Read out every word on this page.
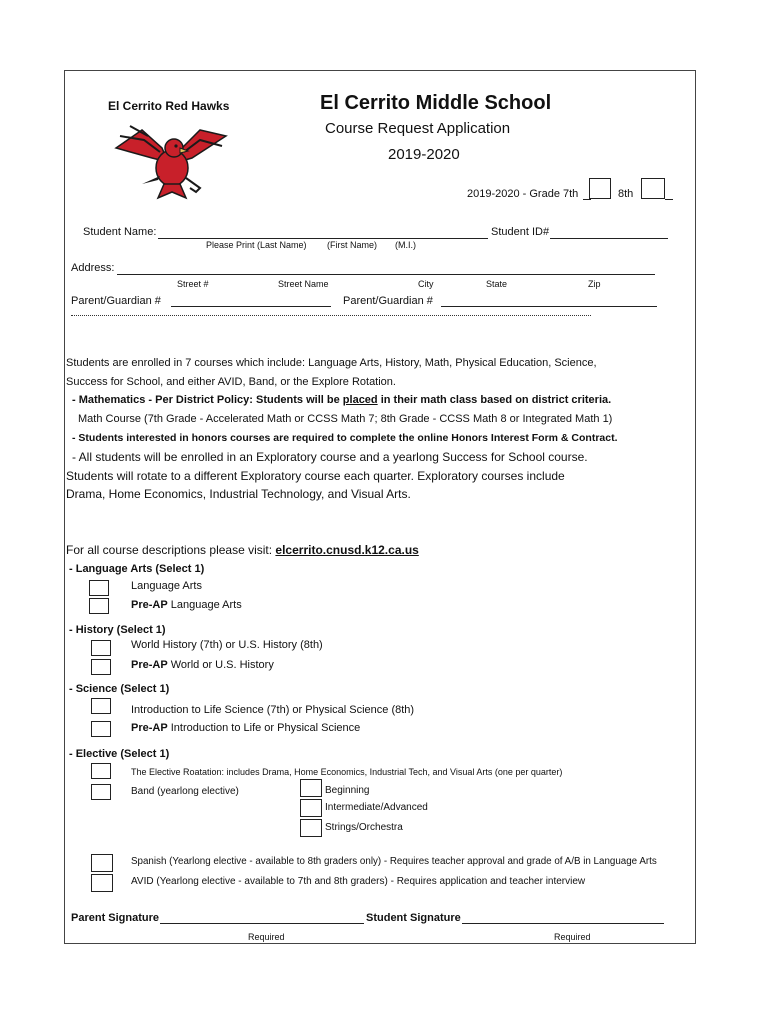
El Cerrito Red Hawks	El Cerrito Middle School
Course Request Application
2019-2020
2019-2020 - Grade 7th	8th
Student Name:	Student ID#
Please Print (Last Name) (First Name) (M.I.)
Address:
Street #	Street Name	City	State	Zip
Parent/Guardian #	Parent/Guardian #
Students are enrolled in 7 courses which include: Language Arts, History, Math, Physical Education, Science,
Success for School, and either AVID, Band, or the Explore Rotation.
- Mathematics - Per District Policy: Students will be placed in their math class based on district criteria.
Math Course (7th Grade - Accelerated Math or CCSS Math 7; 8th Grade - CCSS Math 8 or Integrated Math 1)
- Students interested in honors courses are required to complete the online Honors Interest Form & Contract.
- All students will be enrolled in an Exploratory course and a yearlong Success for School course.
Students will rotate to a different Exploratory course each quarter. Exploratory courses include
Drama, Home Economics, Industrial Technology, and Visual Arts.
For all course descriptions please visit: elcerrito.cnusd.k12.ca.us
- Language Arts (Select 1)
Language Arts
Pre-AP Language Arts
- History (Select 1)
World History (7th) or U.S. History (8th)
Pre-AP World or U.S. History
- Science (Select 1)
Introduction to Life Science (7th) or Physical Science (8th)
Pre-AP Introduction to Life or Physical Science
- Elective (Select 1)
The Elective Roatation: includes Drama, Home Economics, Industrial Tech, and Visual Arts (one per quarter)
Band (yearlong elective)	Beginning
Intermediate/Advanced
Strings/Orchestra
Spanish (Yearlong elective - available to 8th graders only) - Requires teacher approval and grade of A/B in Language Arts
AVID (Yearlong elective - available to 7th and 8th graders) - Requires application and teacher interview
Parent Signature	Student Signature
Required	Required
